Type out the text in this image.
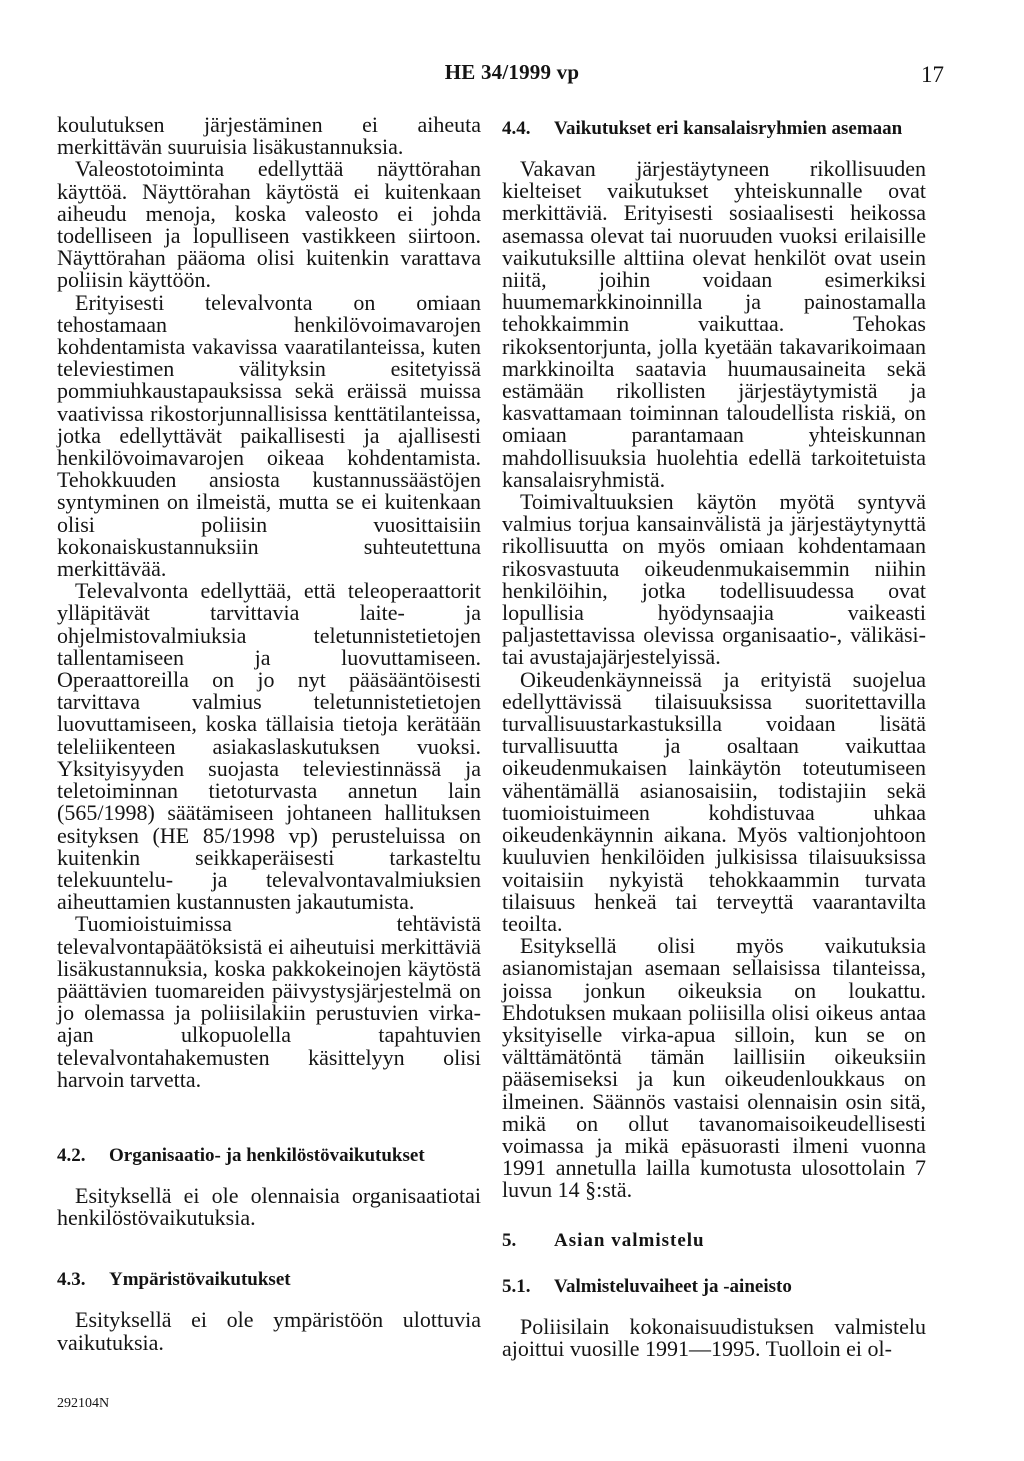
HE 34/1999 vp	17

koulutuksen järjestäminen ei aiheuta merkittävän suuruisia lisäkustannuksia.

Valeostotoiminta edellyttää näyttörahan käyttöä. Näyttörahan käytöstä ei kuitenkaan aiheudu menoja, koska valeosto ei johda todelliseen ja lopulliseen vastikkeen siirtoon. Näyttörahan pääoma olisi kuitenkin varattava poliisin käyttöön.

Erityisesti televalvonta on omiaan tehostamaan henkilövoimavarojen kohdentamista vakavissa vaaratilanteissa, kuten televiestimen välityksin esitetyissä pommiuhkaustapauksissa sekä eräissä muissa vaativissa rikostorjunnallisissa kenttätilanteissa, jotka edellyttävät paikallisesti ja ajallisesti henkilövoimavarojen oikeaa kohdentamista. Tehokkuuden ansiosta kustannussäästöjen syntyminen on ilmeistä, mutta se ei kuitenkaan olisi poliisin vuosittaisiin kokonaiskustannuksiin suhteutettuna merkittävää.

Televalvonta edellyttää, että teleoperaattorit ylläpitävät tarvittavia laite- ja ohjelmistovalmiuksia teletunnistetietojen tallentamiseen ja luovuttamiseen. Operaattoreilla on jo nyt pääsääntöisesti tarvittava valmius teletunnistetietojen luovuttamiseen, koska tällaisia tietoja kerätään teleliikenteen asiakaslaskutuksen vuoksi. Yksityisyyden suojasta televiestinnässä ja teletoiminnan tietoturvasta annetun lain (565/1998) säätämiseen johtaneen hallituksen esityksen (HE 85/1998 vp) perusteluissa on kuitenkin seikkaperäisesti tarkasteltu telekuuntelu- ja televalvontavalmiuksien aiheuttamien kustannusten jakautumista.

Tuomioistuimissa tehtävistä televalvontapäätöksistä ei aiheutuisi merkittäviä lisäkustannuksia, koska pakkokeinojen käytöstä päättävien tuomareiden päivystysjärjestelmä on jo olemassa ja poliisilakiin perustuvien virka-ajan ulkopuolella tapahtuvien televalvontahakemusten käsittelyyn olisi harvoin tarvetta.

4.2.	Organisaatio- ja henkilöstövaikutukset

Esityksellä ei ole olennaisia organisaatiotai henkilöstövaikutuksia.

4.3.	Ympäristövaikutukset

Esityksellä ei ole ympäristöön ulottuvia vaikutuksia.

4.4.	Vaikutukset eri kansalaisryhmien asemaan

Vakavan järjestäytyneen rikollisuuden kielteiset vaikutukset yhteiskunnalle ovat merkittäviä. Erityisesti sosiaalisesti heikossa asemassa olevat tai nuoruuden vuoksi erilaisille vaikutuksille alttiina olevat henkilöt ovat usein niitä, joihin voidaan esimerkiksi huumemarkkinoinnilla ja painostamalla tehokkaimmin vaikuttaa. Tehokas rikoksentorjunta, jolla kyetään takavarikoimaan markkinoilta saatavia huumausaineita sekä estämään rikollisten järjestäytymistä ja kasvattamaan toiminnan taloudellista riskiä, on omiaan parantamaan yhteiskunnan mahdollisuuksia huolehtia edellä tarkoitetuista kansalaisryhmistä.

Toimivaltuuksien käytön myötä syntyvä valmius torjua kansainvälistä ja järjestäytynyttä rikollisuutta on myös omiaan kohdentamaan rikosvastuuta oikeudenmukaisemmin niihin henkilöihin, jotka todellisuudessa ovat lopullisia hyödynsaajia vaikeasti paljastettavissa olevissa organisaatio-, välikäsi- tai avustajajärjestelyissä.

Oikeudenkäynneissä ja erityistä suojelua edellyttävissä tilaisuuksissa suoritettavilla turvallisuustarkastuksilla voidaan lisätä turvallisuutta ja osaltaan vaikuttaa oikeudenmukaisen lainkäytön toteutumiseen vähentämällä asianosaisiin, todistajiin sekä tuomioistuimeen kohdistuvaa uhkaa oikeudenkäynnin aikana. Myös valtionjohtoon kuuluvien henkilöiden julkisissa tilaisuuksissa voitaisiin nykyistä tehokkaammin turvata tilaisuus henkeä tai terveyttä vaarantavilta teoilta.

Esityksellä olisi myös vaikutuksia asianomistajan asemaan sellaisissa tilanteissa, joissa jonkun oikeuksia on loukattu. Ehdotuksen mukaan poliisilla olisi oikeus antaa yksityiselle virka-apua silloin, kun se on välttämätöntä tämän laillisiin oikeuksiin pääsemiseksi ja kun oikeudenloukkaus on ilmeinen. Säännös vastaisi olennaisin osin sitä, mikä on ollut tavanomaisoikeudellisesti voimassa ja mikä epäsuorasti ilmeni vuonna 1991 annetulla lailla kumotusta ulosottolain 7 luvun 14 §:stä.

5.	Asian valmistelu
5.1.	Valmisteluvaiheet ja -aineisto

Poliisilain kokonaisuudistuksen valmistelu ajoittui vuosille 1991—1995. Tuolloin ei ol-

292104N
